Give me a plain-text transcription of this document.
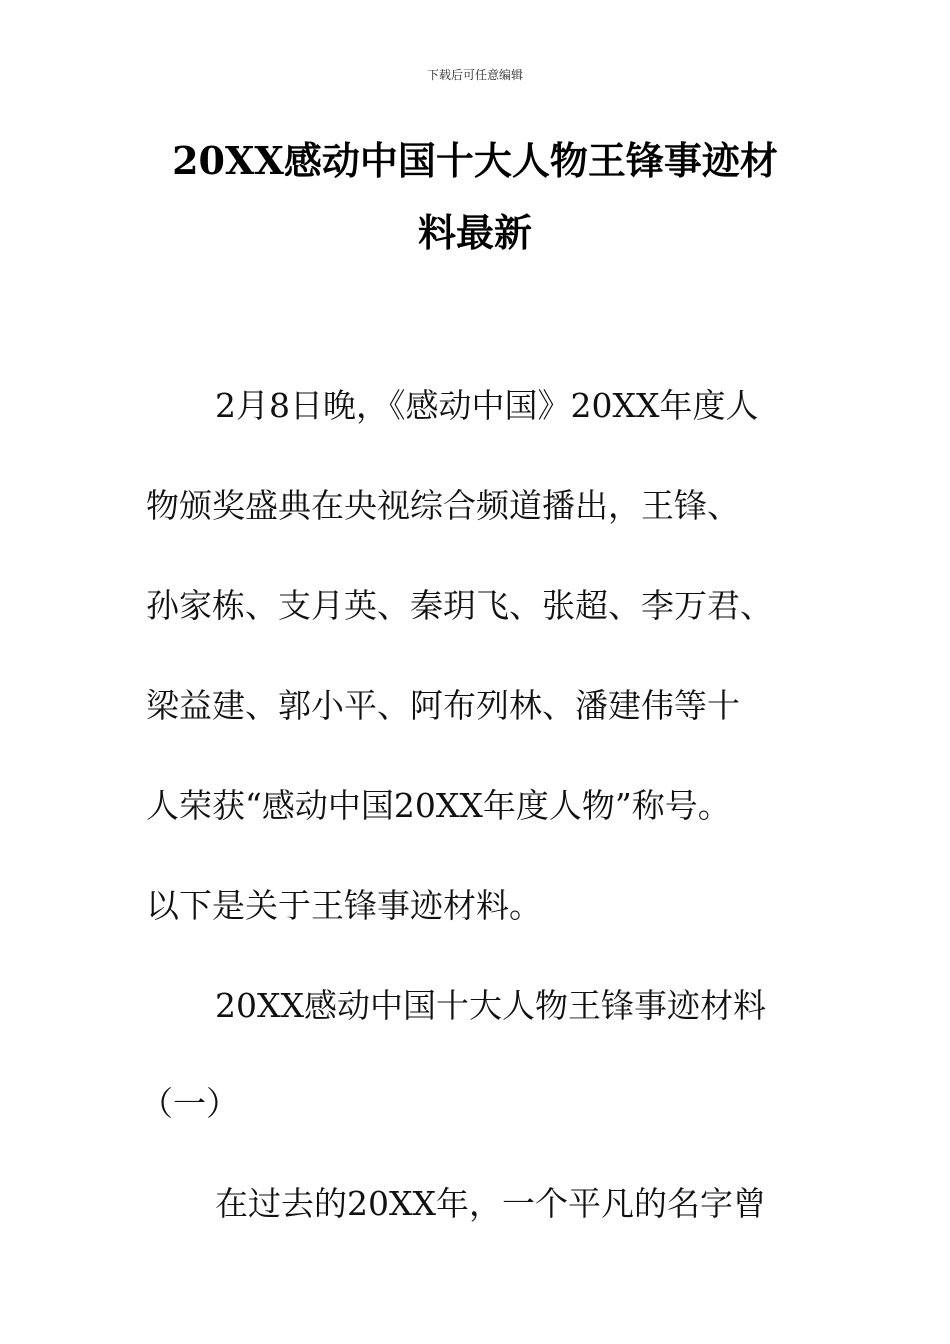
下载后可任意编辑
20XX感动中国十大人物王锋事迹材
料最新
2月8日晚，《感动中国》20XX年度人
物颁奖盛典在央视综合频道播出，王锋、
孙家栋、支月英、秦玥飞、张超、李万君、
梁益建、郭小平、阿布列林、潘建伟等十
人荣获“感动中国20XX年度人物”称号。
以下是关于王锋事迹材料。
20XX感动中国十大人物王锋事迹材料
（一）
在过去的20XX年，一个平凡的名字曾
